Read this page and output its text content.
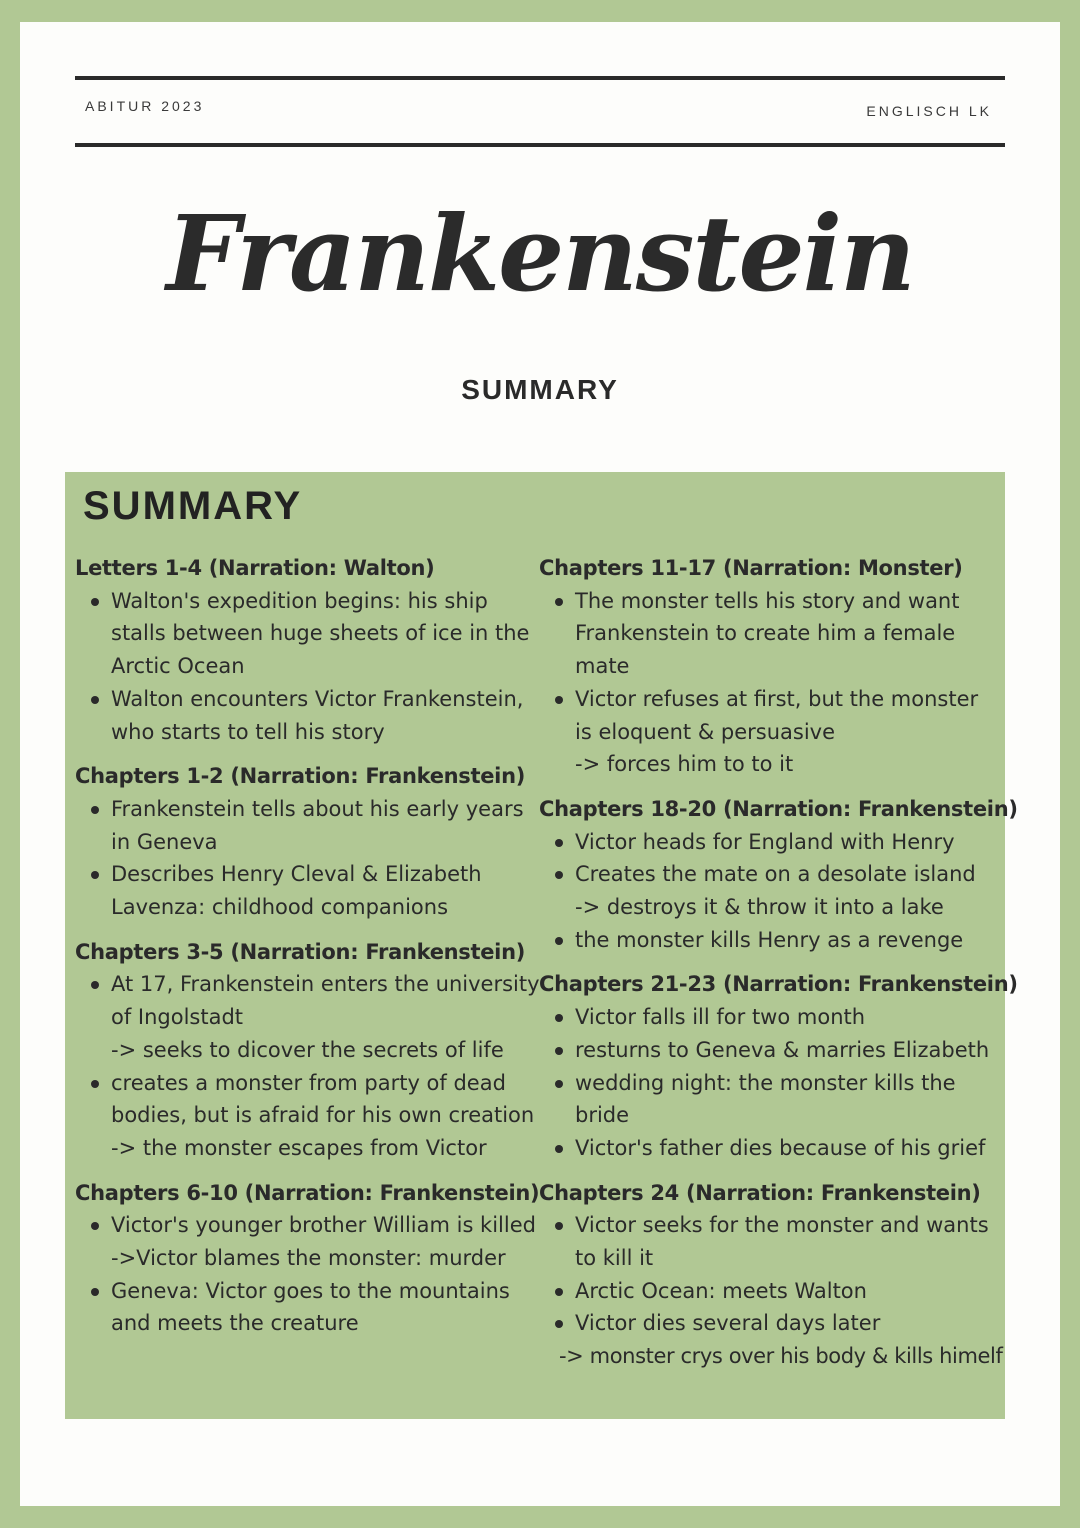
ABITUR 2023	ENGLISCH LK
Frankenstein
SUMMARY
SUMMARY
Letters 1-4 (Narration: Walton)
Walton's expedition begins: his ship stalls between huge sheets of ice in the Arctic Ocean
Walton encounters Victor Frankenstein, who starts to tell his story
Chapters 1-2 (Narration: Frankenstein)
Frankenstein tells about his early years in Geneva
Describes Henry Cleval & Elizabeth Lavenza: childhood companions
Chapters 3-5 (Narration: Frankenstein)
At 17, Frankenstein enters the university of Ingolstadt
-> seeks to dicover the secrets of life
creates a monster from party of dead bodies, but is afraid for his own creation
-> the monster escapes from Victor
Chapters 6-10 (Narration: Frankenstein)
Victor's younger brother William is killed
->Victor blames the monster: murder
Geneva: Victor goes to the mountains and meets the creature
Chapters 11-17 (Narration: Monster)
The monster tells his story and want Frankenstein to create him a female mate
Victor refuses at first, but the monster is eloquent & persuasive
-> forces him to to it
Chapters 18-20 (Narration: Frankenstein)
Victor heads for England with Henry
Creates the mate on a desolate island
-> destroys it & throw it into a lake
the monster kills Henry as a revenge
Chapters 21-23 (Narration: Frankenstein)
Victor falls ill for two month
resturns to Geneva & marries Elizabeth
wedding night: the monster kills the bride
Victor's father dies because of his grief
Chapters 24 (Narration: Frankenstein)
Victor seeks for the monster and wants to kill it
Arctic Ocean: meets Walton
Victor dies several days later
-> monster crys over his body & kills himelf
